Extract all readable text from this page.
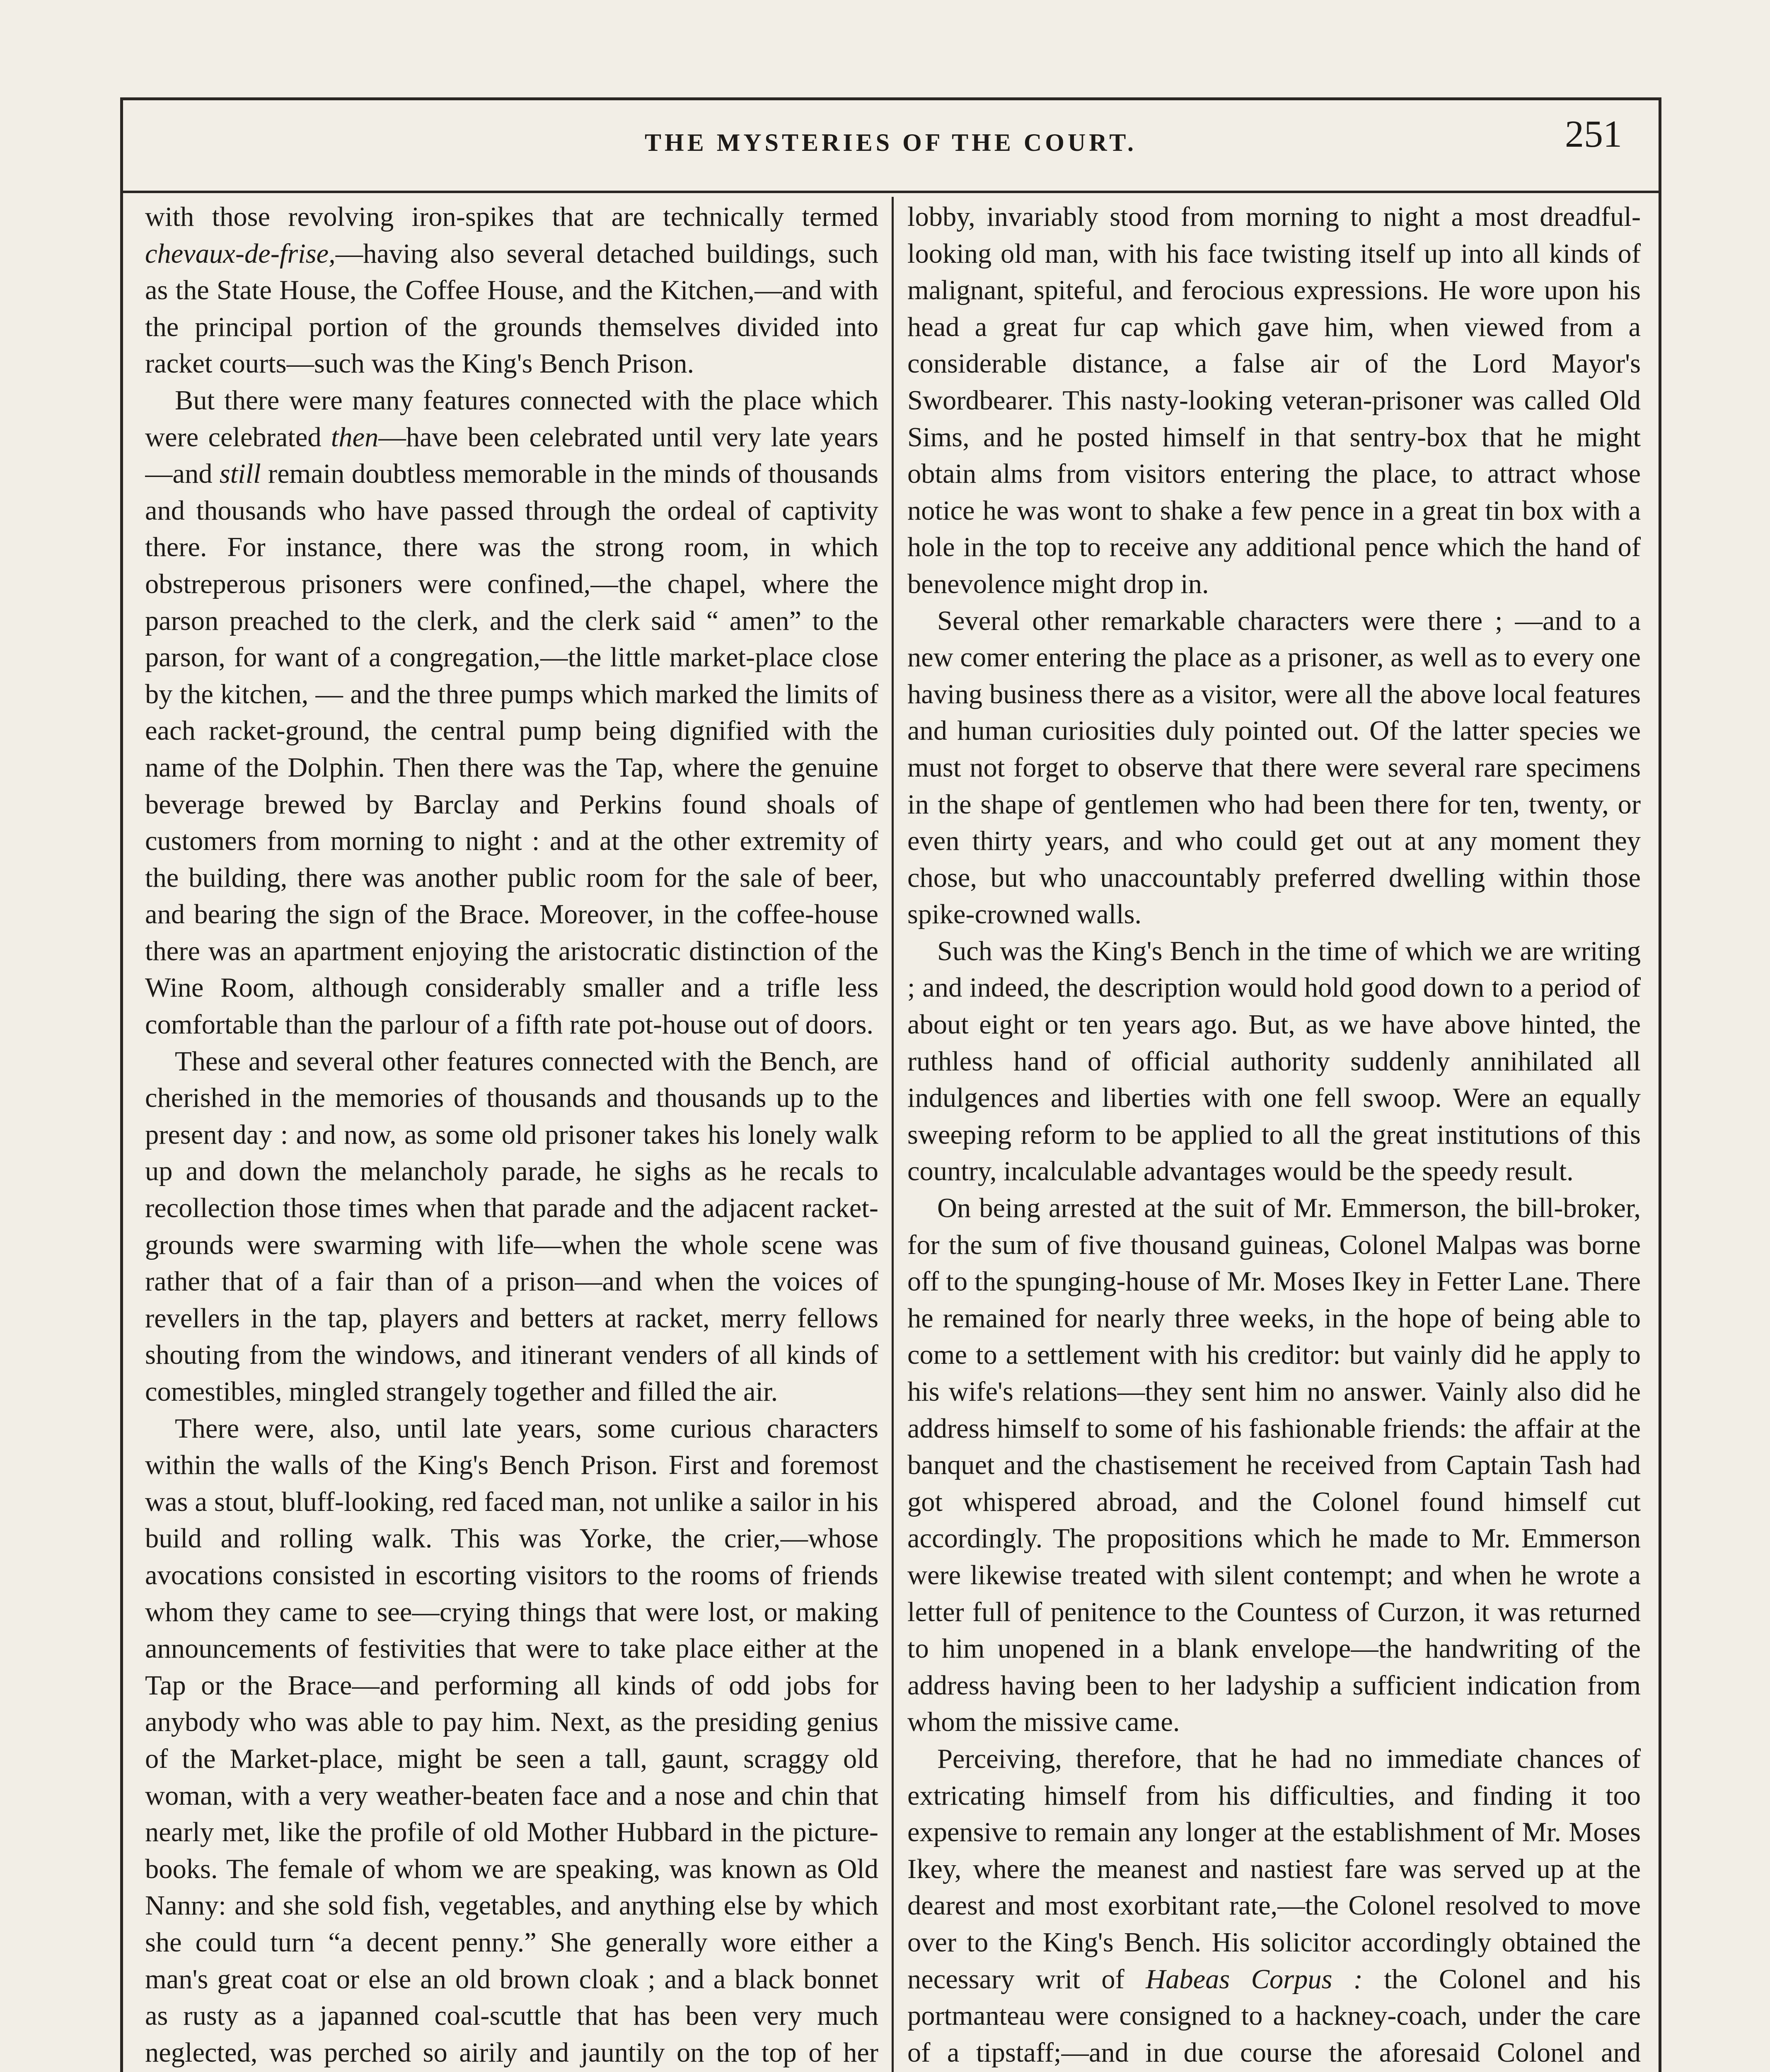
THE MYSTERIES OF THE COURT.	251

with those revolving iron-spikes that are technically termed chevaux-de-frise,—having also several detached buildings, such as the State House, the Coffee House, and the Kitchen,—and with the principal portion of the grounds themselves divided into racket courts—such was the King's Bench Prison.

But there were many features connected with the place which were celebrated then—have been celebrated until very late years—and still remain doubtless memorable in the minds of thousands and thousands who have passed through the ordeal of captivity there. For instance, there was the strong room, in which obstreperous prisoners were confined,—the chapel, where the parson preached to the clerk, and the clerk said “ amen” to the parson, for want of a congregation,—the little market-place close by the kitchen, — and the three pumps which marked the limits of each racket-ground, the central pump being dignified with the name of the Dolphin. Then there was the Tap, where the genuine beverage brewed by Barclay and Perkins found shoals of customers from morning to night : and at the other extremity of the building, there was another public room for the sale of beer, and bearing the sign of the Brace. Moreover, in the coffee-house there was an apartment enjoying the aristocratic distinction of the Wine Room, although considerably smaller and a trifle less comfortable than the parlour of a fifth rate pot-house out of doors.

These and several other features connected with the Bench, are cherished in the memories of thousands and thousands up to the present day : and now, as some old prisoner takes his lonely walk up and down the melancholy parade, he sighs as he recals to recollection those times when that parade and the adjacent racket-grounds were swarming with life—when the whole scene was rather that of a fair than of a prison—and when the voices of revellers in the tap, players and betters at racket, merry fellows shouting from the windows, and itinerant venders of all kinds of comestibles, mingled strangely together and filled the air.

There were, also, until late years, some curious characters within the walls of the King's Bench Prison. First and foremost was a stout, bluff-looking, red faced man, not unlike a sailor in his build and rolling walk. This was Yorke, the crier,—whose avocations consisted in escorting visitors to the rooms of friends whom they came to see—crying things that were lost, or making announcements of festivities that were to take place either at the Tap or the Brace—and performing all kinds of odd jobs for anybody who was able to pay him. Next, as the presiding genius of the Market-place, might be seen a tall, gaunt, scraggy old woman, with a very weather-beaten face and a nose and chin that nearly met, like the profile of old Mother Hubbard in the picture-books. The female of whom we are speaking, was known as Old Nanny: and she sold fish, vegetables, and anything else by which she could turn “a decent penny.” She generally wore either a man's great coat or else an old brown cloak ; and a black bonnet as rusty as a japanned coal-scuttle that has been very much neglected, was perched so airily and jauntily on the top of her

lobby, invariably stood from morning to night a most dreadful-looking old man, with his face twisting itself up into all kinds of malignant, spiteful, and ferocious expressions. He wore upon his head a great fur cap which gave him, when viewed from a considerable distance, a false air of the Lord Mayor's Swordbearer. This nasty-looking veteran-prisoner was called Old Sims, and he posted himself in that sentry-box that he might obtain alms from visitors entering the place, to attract whose notice he was wont to shake a few pence in a great tin box with a hole in the top to receive any additional pence which the hand of benevolence might drop in.

Several other remarkable characters were there ; —and to a new comer entering the place as a prisoner, as well as to every one having business there as a visitor, were all the above local features and human curiosities duly pointed out. Of the latter species we must not forget to observe that there were several rare specimens in the shape of gentlemen who had been there for ten, twenty, or even thirty years, and who could get out at any moment they chose, but who unaccountably preferred dwelling within those spike-crowned walls.

Such was the King's Bench in the time of which we are writing ; and indeed, the description would hold good down to a period of about eight or ten years ago. But, as we have above hinted, the ruthless hand of official authority suddenly annihilated all indulgences and liberties with one fell swoop. Were an equally sweeping reform to be applied to all the great institutions of this country, incalculable advantages would be the speedy result.

On being arrested at the suit of Mr. Emmerson, the bill-broker, for the sum of five thousand guineas, Colonel Malpas was borne off to the spunging-house of Mr. Moses Ikey in Fetter Lane. There he remained for nearly three weeks, in the hope of being able to come to a settlement with his creditor: but vainly did he apply to his wife's relations—they sent him no answer. Vainly also did he address himself to some of his fashionable friends: the affair at the banquet and the chastisement he received from Captain Tash had got whispered abroad, and the Colonel found himself cut accordingly. The propositions which he made to Mr. Emmerson were likewise treated with silent contempt; and when he wrote a letter full of penitence to the Countess of Curzon, it was returned to him unopened in a blank envelope—the handwriting of the address having been to her ladyship a sufficient indication from whom the missive came.

Perceiving, therefore, that he had no immediate chances of extricating himself from his difficulties, and finding it too expensive to remain any longer at the establishment of Mr. Moses Ikey, where the meanest and nastiest fare was served up at the dearest and most exorbitant rate,—the Colonel resolved to move over to the King's Bench. His solicitor accordingly obtained the necessary writ of Habeas Corpus : the Colonel and his portmanteau were consigned to a hackney-coach, under the care of a tipstaff;—and in due course the aforesaid Colonel and
